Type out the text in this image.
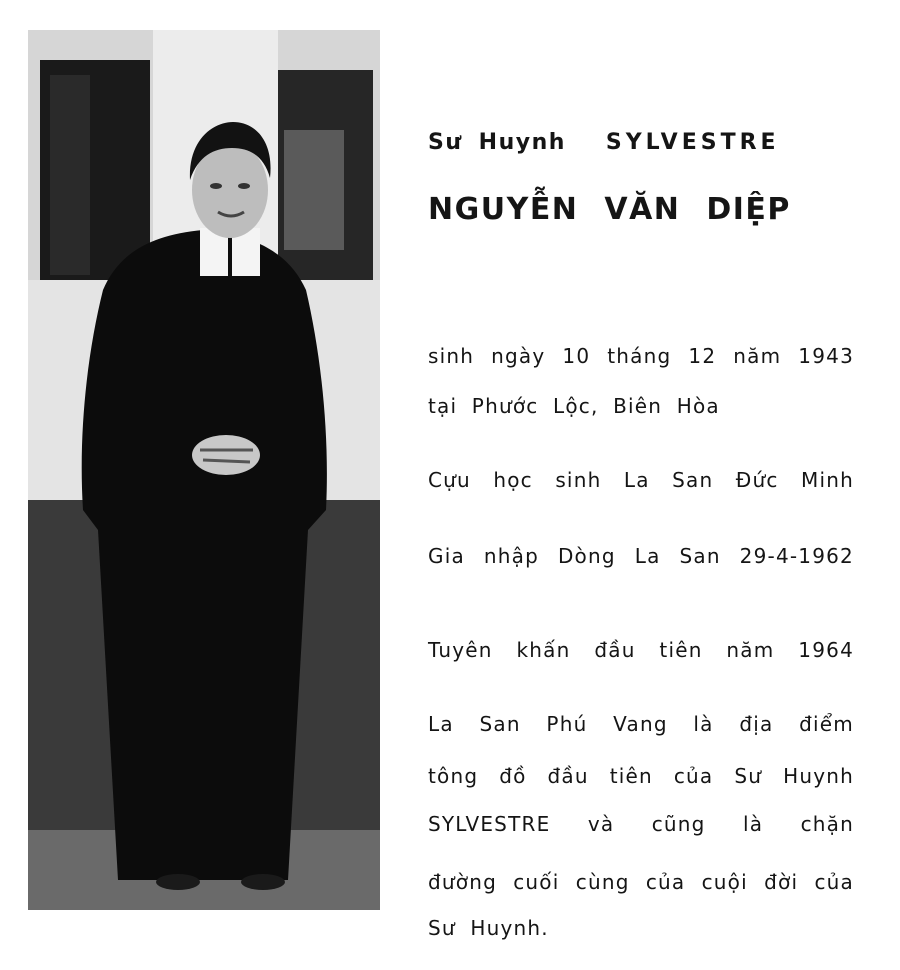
Sư Huynh SYLVESTRE
NGUYỄN VĂN DIỆP
sinh ngày 10 tháng 12 năm 1943
tại Phước Lộc, Biên Hòa
Cựu học sinh La San Đức Minh
Gia nhập Dòng La San 29-4-1962
Tuyên khấn đầu tiên năm 1964
La San Phú Vang là địa điểm
tông đồ đầu tiên của Sư Huynh
SYLVESTRE và cũng là chặn
đường cuối cùng của cuội đời của
Sư Huynh.
